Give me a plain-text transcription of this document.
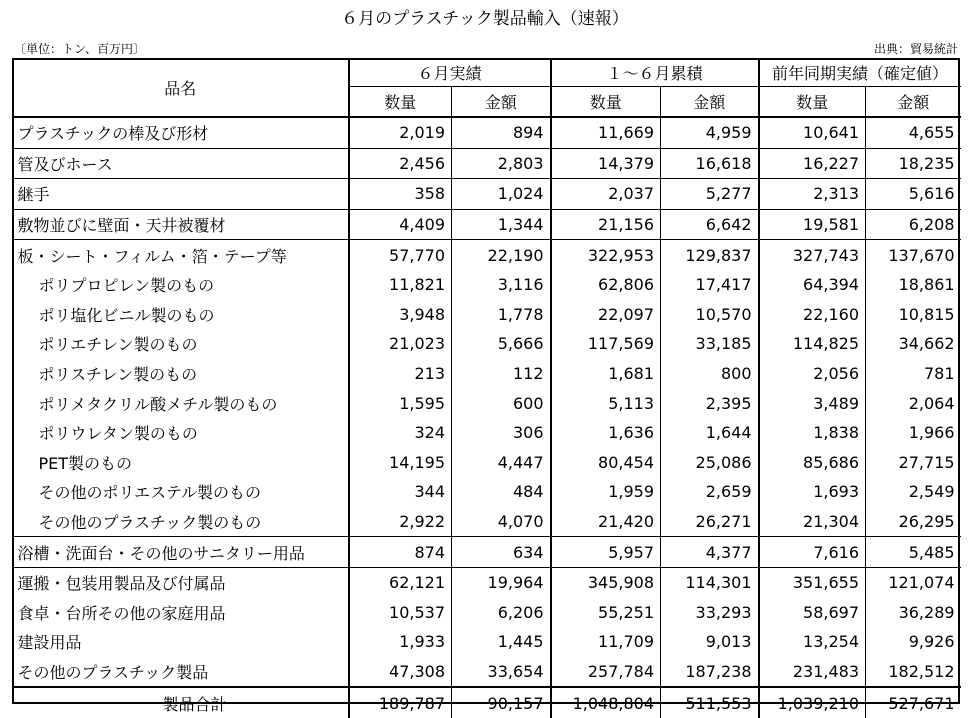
６月のプラスチック製品輸入（速報）
〔単位：トン、百万円〕	出典：貿易統計
品名	６月実績		１～６月累積		前年同期実績（確定値）	
	数量	金額	数量	金額	数量	金額
プラスチックの棒及び形材	2,019	894	11,669	4,959	10,641	4,655
管及びホース	2,456	2,803	14,379	16,618	16,227	18,235
継手	358	1,024	2,037	5,277	2,313	5,616
敷物並びに壁面・天井被覆材	4,409	1,344	21,156	6,642	19,581	6,208
板・シート・フィルム・箔・テープ等	57,770	22,190	322,953	129,837	327,743	137,670
ポリプロピレン製のもの	11,821	3,116	62,806	17,417	64,394	18,861
ポリ塩化ビニル製のもの	3,948	1,778	22,097	10,570	22,160	10,815
ポリエチレン製のもの	21,023	5,666	117,569	33,185	114,825	34,662
ポリスチレン製のもの	213	112	1,681	800	2,056	781
ポリメタクリル酸メチル製のもの	1,595	600	5,113	2,395	3,489	2,064
ポリウレタン製のもの	324	306	1,636	1,644	1,838	1,966
PET製のもの	14,195	4,447	80,454	25,086	85,686	27,715
その他のポリエステル製のもの	344	484	1,959	2,659	1,693	2,549
その他のプラスチック製のもの	2,922	4,070	21,420	26,271	21,304	26,295
浴槽・洗面台・その他のサニタリー用品	874	634	5,957	4,377	7,616	5,485
運搬・包装用製品及び付属品	62,121	19,964	345,908	114,301	351,655	121,074
食卓・台所その他の家庭用品	10,537	6,206	55,251	33,293	58,697	36,289
建設用品	1,933	1,445	11,709	9,013	13,254	9,926
その他のプラスチック製品	47,308	33,654	257,784	187,238	231,483	182,512
製品合計	189,787	90,157	1,048,804	511,553	1,039,210	527,671
